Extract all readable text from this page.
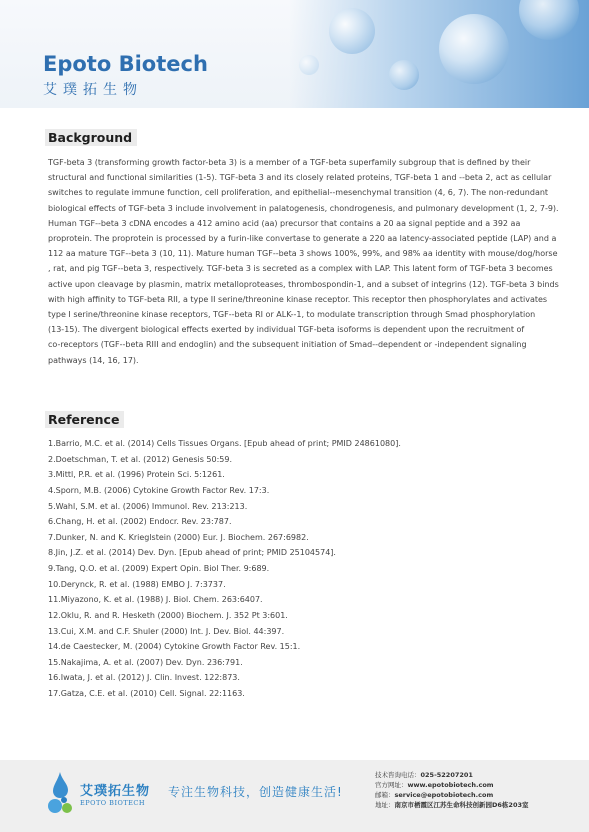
Epoto Biotech
艾璞拓生物
Background
TGF-beta 3 (transforming growth factor-beta 3) is a member of a TGF-beta superfamily subgroup that is defined by their
structural and functional similarities (1-5). TGF-beta 3 and its closely related proteins, TGF-beta 1 and --beta 2, act as cellular
switches to regulate immune function, cell proliferation, and epithelial--mesenchymal transition (4, 6, 7). The non-redundant
biological effects of TGF-beta 3 include involvement in palatogenesis, chondrogenesis, and pulmonary development (1, 2, 7-9).
Human TGF--beta 3 cDNA encodes a 412 amino acid (aa) precursor that contains a 20 aa signal peptide and a 392 aa
proprotein. The proprotein is processed by a furin-like convertase to generate a 220 aa latency-associated peptide (LAP) and a
112 aa mature TGF--beta 3 (10, 11). Mature human TGF--beta 3 shows 100%, 99%, and 98% aa identity with mouse/dog/horse
, rat, and pig TGF--beta 3, respectively. TGF-beta 3 is secreted as a complex with LAP. This latent form of TGF-beta 3 becomes
active upon cleavage by plasmin, matrix metalloproteases, thrombospondin-1, and a subset of integrins (12). TGF-beta 3 binds
with high affinity to TGF-beta RII, a type II serine/threonine kinase receptor. This receptor then phosphorylates and activates
type I serine/threonine kinase receptors, TGF--beta RI or ALK--1, to modulate transcription through Smad phosphorylation
(13-15). The divergent biological effects exerted by individual TGF-beta isoforms is dependent upon the recruitment of
co-receptors (TGF--beta RIII and endoglin) and the subsequent initiation of Smad--dependent or -independent signaling
pathways (14, 16, 17).
Reference
1.Barrio, M.C. et al. (2014) Cells Tissues Organs. [Epub ahead of print; PMID 24861080].
2.Doetschman, T. et al. (2012) Genesis 50:59.
3.Mittl, P.R. et al. (1996) Protein Sci. 5:1261.
4.Sporn, M.B. (2006) Cytokine Growth Factor Rev. 17:3.
5.Wahl, S.M. et al. (2006) Immunol. Rev. 213:213.
6.Chang, H. et al. (2002) Endocr. Rev. 23:787.
7.Dunker, N. and K. Krieglstein (2000) Eur. J. Biochem. 267:6982.
8.Jin, J.Z. et al. (2014) Dev. Dyn. [Epub ahead of print; PMID 25104574].
9.Tang, Q.O. et al. (2009) Expert Opin. Biol Ther. 9:689.
10.Derynck, R. et al. (1988) EMBO J. 7:3737.
11.Miyazono, K. et al. (1988) J. Biol. Chem. 263:6407.
12.Oklu, R. and R. Hesketh (2000) Biochem. J. 352 Pt 3:601.
13.Cui, X.M. and C.F. Shuler (2000) Int. J. Dev. Biol. 44:397.
14.de Caestecker, M. (2004) Cytokine Growth Factor Rev. 15:1.
15.Nakajima, A. et al. (2007) Dev. Dyn. 236:791.
16.Iwata, J. et al. (2012) J. Clin. Invest. 122:873.
17.Gatza, C.E. et al. (2010) Cell. Signal. 22:1163.
艾璞拓生物
EPOTO BIOTECH
专注生物科技，创造健康生活!
技术咨询电话：025-52207201
官方网址：www.epotobiotech.com
邮箱：service@epotobiotech.com
地址：南京市栖霞区江苏生命科技创新园D6栋203室
